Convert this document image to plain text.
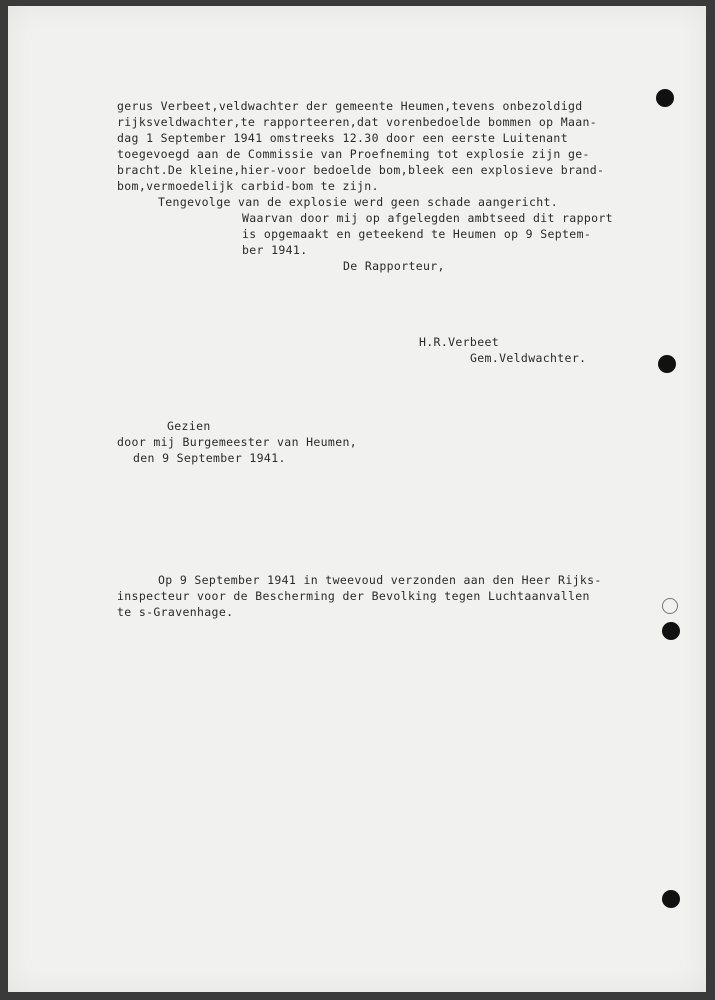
gerus Verbeet,veldwachter der gemeente Heumen,tevens onbezoldigd

rijksveldwachter,te rapporteeren,dat vorenbedoelde bommen op Maan-

dag 1 September 1941 omstreeks 12.30 door een eerste Luitenant

toegevoegd aan de Commissie van Proefneming tot explosie zijn ge-

bracht.De kleine,hier-voor bedoelde bom,bleek een explosieve brand-

bom,vermoedelijk carbid-bom te zijn.

Tengevolge van de explosie werd geen schade aangericht.

Waarvan door mij op afgelegden ambtseed dit rapport

is opgemaakt en geteekend te Heumen op 9 Septem-

ber 1941.

De Rapporteur,

H.R.Verbeet

Gem.Veldwachter.

Gezien

door mij Burgemeester van Heumen,

den 9 September 1941.

Op 9 September 1941 in tweevoud verzonden aan den Heer Rijks-

inspecteur voor de Bescherming der Bevolking tegen Luchtaanvallen

te s-Gravenhage.
